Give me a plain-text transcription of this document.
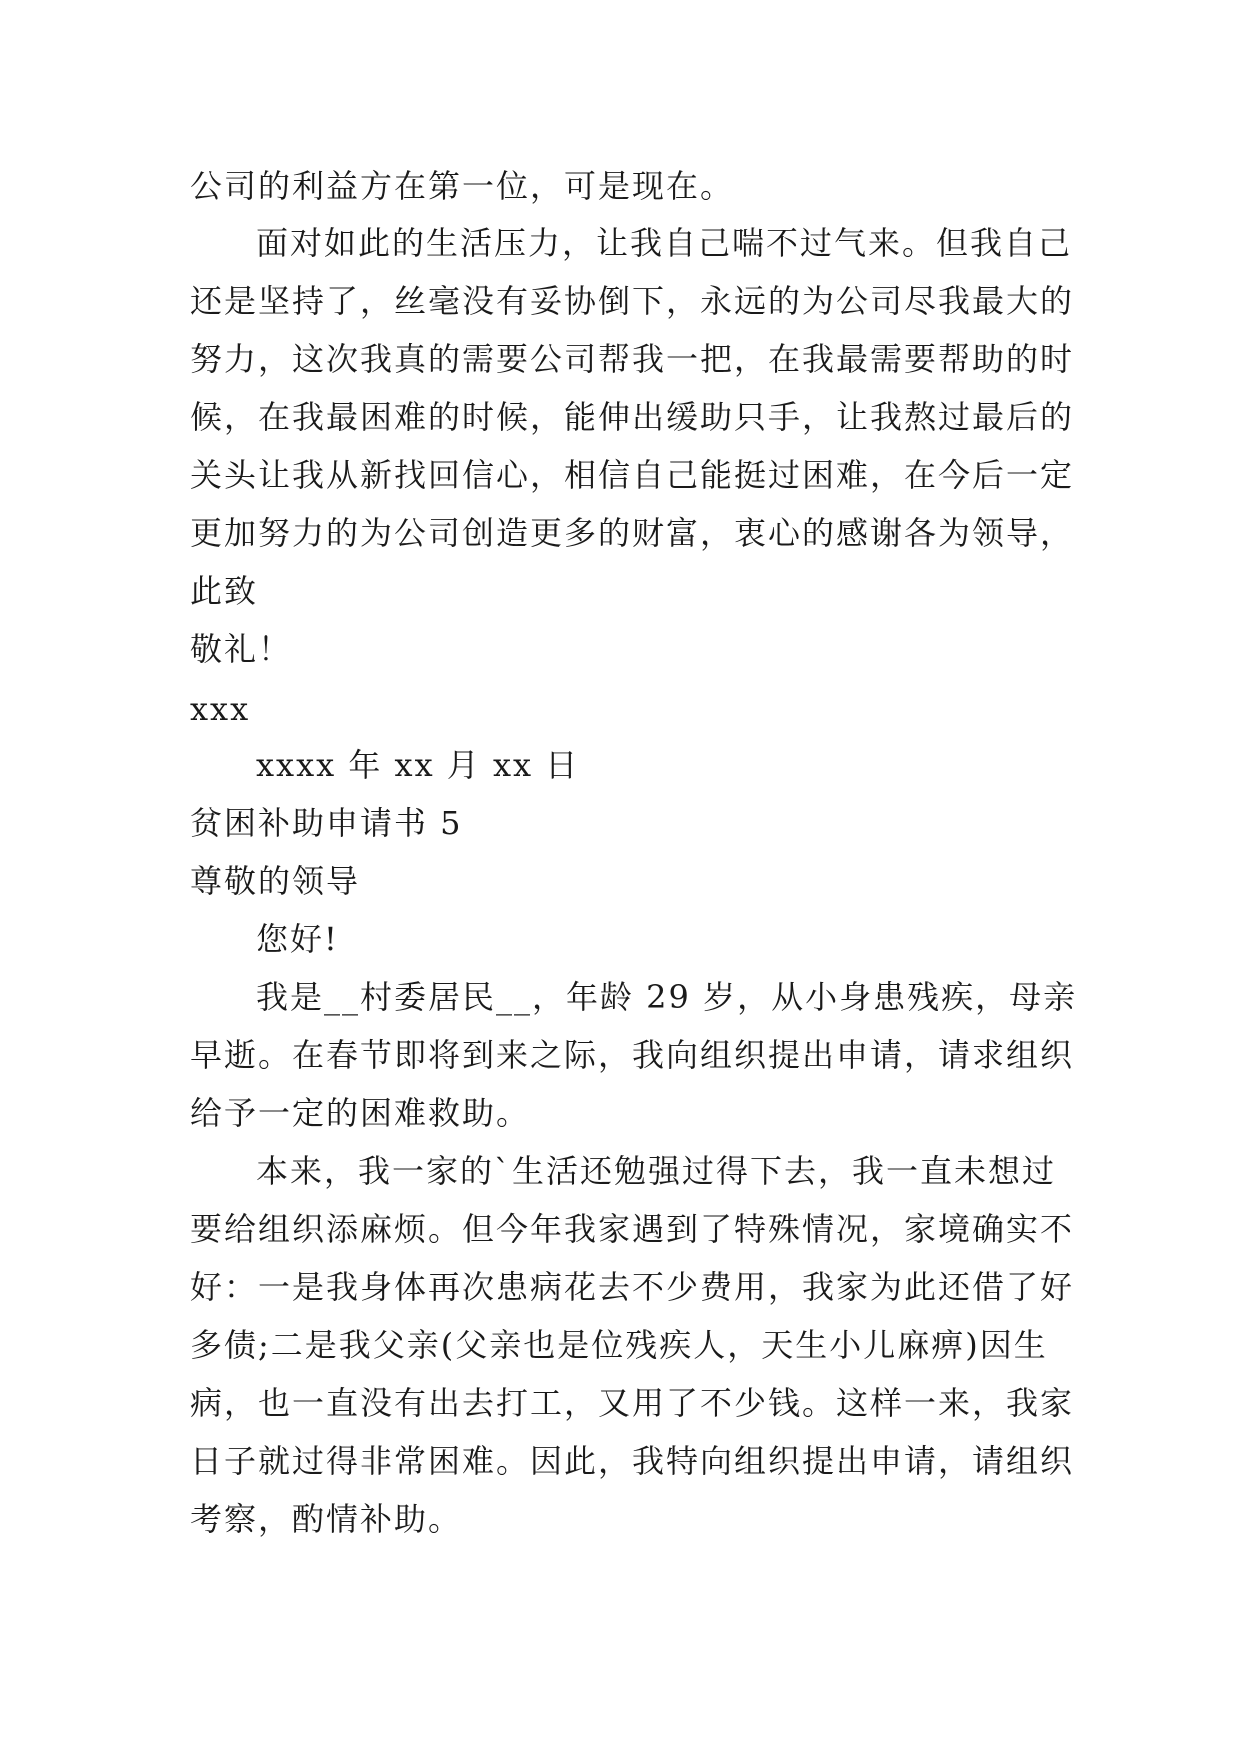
公司的利益方在第一位，可是现在。
面对如此的生活压力，让我自己喘不过气来。但我自己
还是坚持了，丝毫没有妥协倒下，永远的为公司尽我最大的
努力，这次我真的需要公司帮我一把，在我最需要帮助的时
候，在我最困难的时候，能伸出缓助只手，让我熬过最后的
关头让我从新找回信心，相信自己能挺过困难，在今后一定
更加努力的为公司创造更多的财富，衷心的感谢各为领导，
此致
敬礼！
xxx
xxxx 年 xx 月 xx 日
贫困补助申请书 5
尊敬的领导
您好!
我是__村委居民__，年龄 29 岁，从小身患残疾，母亲
早逝。在春节即将到来之际，我向组织提出申请，请求组织
给予一定的困难救助。
本来，我一家的`生活还勉强过得下去，我一直未想过
要给组织添麻烦。但今年我家遇到了特殊情况，家境确实不
好：一是我身体再次患病花去不少费用，我家为此还借了好
多债;二是我父亲(父亲也是位残疾人，天生小儿麻痹)因生
病，也一直没有出去打工，又用了不少钱。这样一来，我家
日子就过得非常困难。因此，我特向组织提出申请，请组织
考察，酌情补助。
